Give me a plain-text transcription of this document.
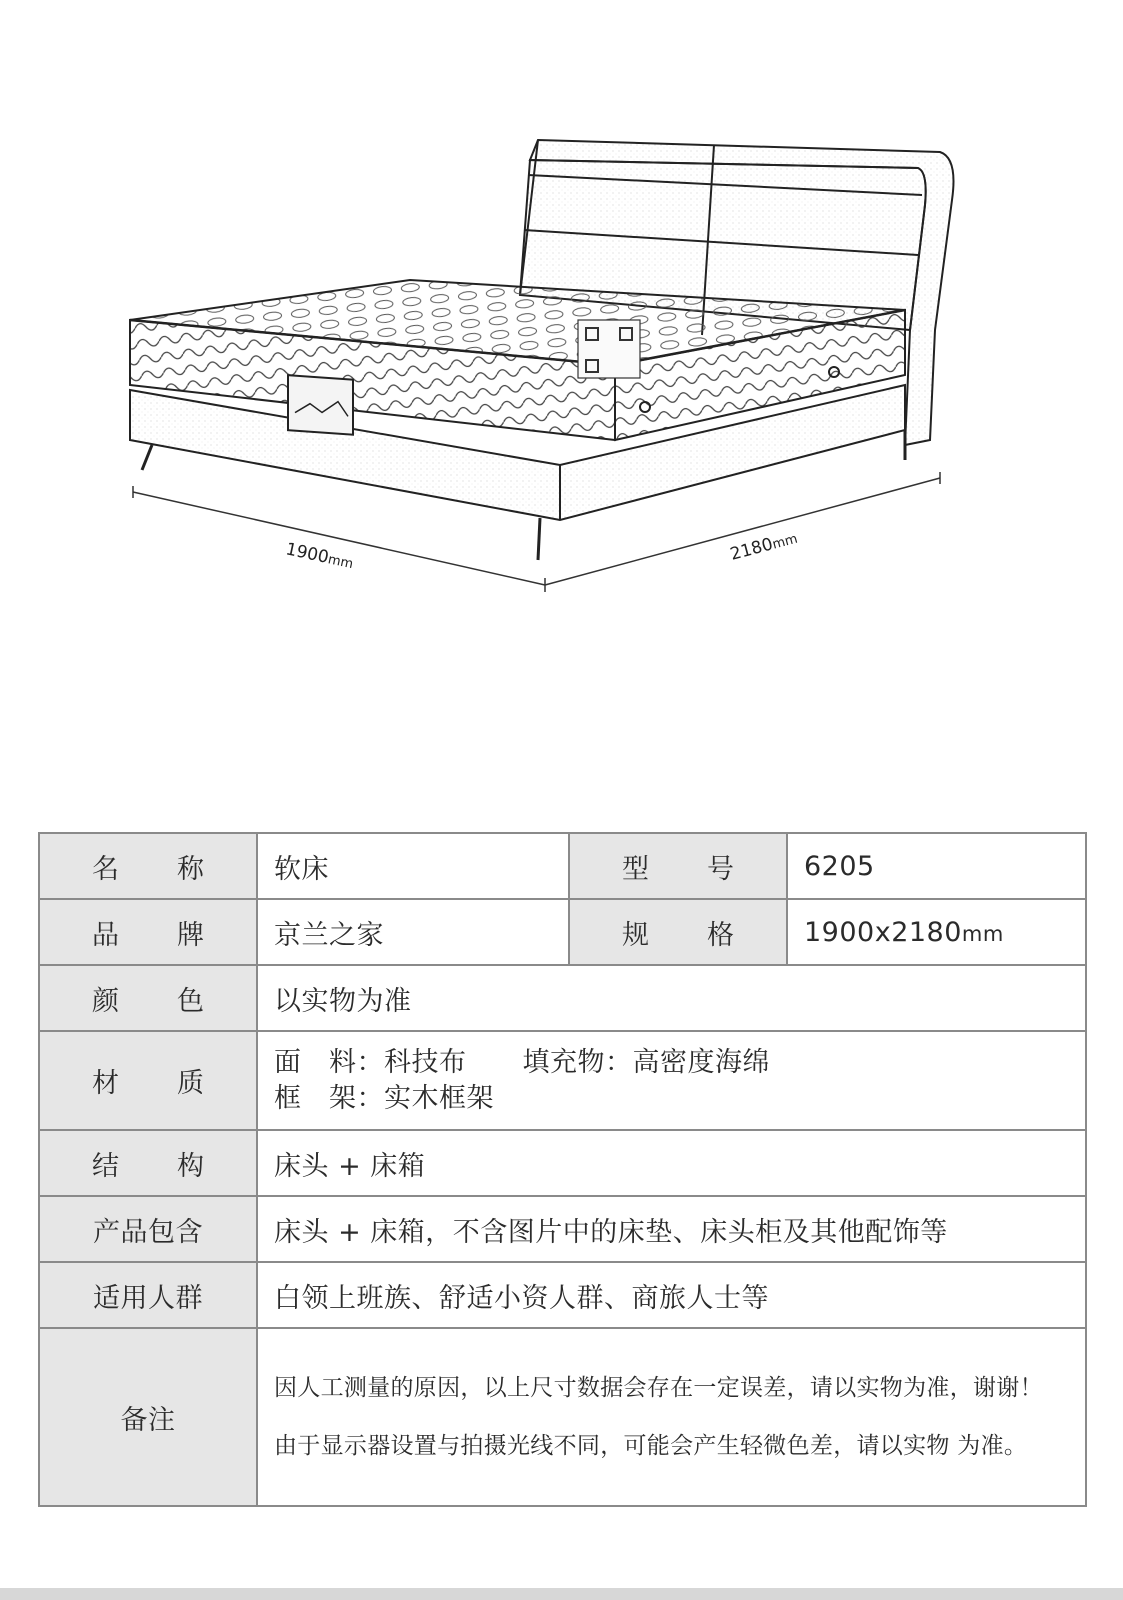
1900mm	2180mm
名称	软床	型号	6205
品牌	京兰之家	规格	1900x2180mm
颜色	以实物为准		
材质	面　料：科技布 填充物：高密度海绵
框　架：实木框架		

结构	床头 + 床箱		
产品包含	床头 + 床箱，不含图片中的床垫、床头柜及其他配饰等		
适用人群	白领上班族、舒适小资人群、商旅人士等		
备注	因人工测量的原因，以上尺寸数据会存在一定误差，请以实物为准，谢谢！
由于显示器设置与拍摄光线不同，可能会产生轻微色差，请以实物 为准。		
